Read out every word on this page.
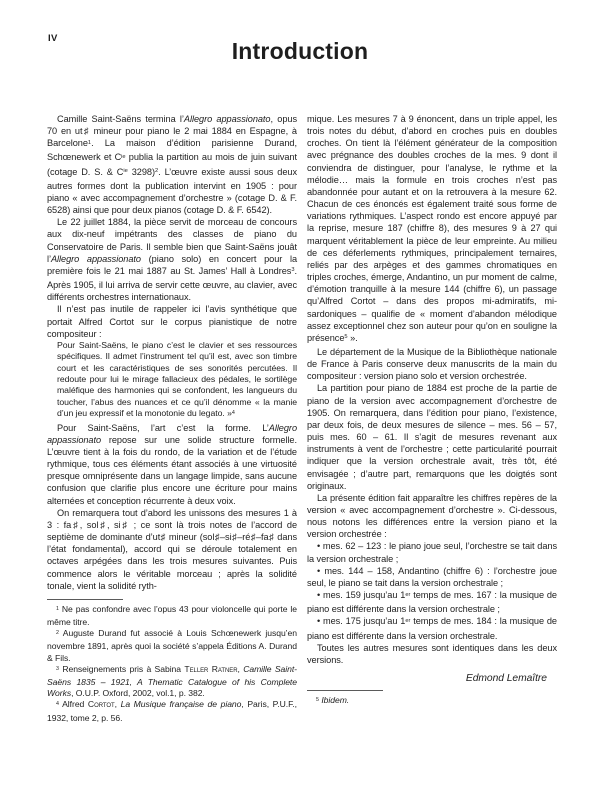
IV	Introduction

Camille Saint-Saëns termina l’Allegro appassionato, opus 70 en ut♯ mineur pour piano le 2 mai 1884 en Espagne, à Barcelone$^1$. La maison d’édition parisienne Durand, Schœnewerk et $C^{ie}$ publia la partition au mois de juin suivant (cotage D. S. & $C^{ie}$ 3298)$^2$. L’œuvre existe aussi sous deux autres formes dont la publication intervint en 1905 : pour piano « avec accompagnement d’orchestre » (cotage D. & F. 6528) ainsi que pour deux pianos (cotage D. & F. 6542).

Le 22 juillet 1884, la pièce servit de morceau de concours aux dix-neuf impétrants des classes de piano du Conservatoire de Paris. Il semble bien que Saint-Saëns jouât l’Allegro appassionato (piano solo) en concert pour la première fois le 21 mai 1887 au St. James’ Hall à Londres$^3$. Après 1905, il lui arriva de servir cette œuvre, au clavier, avec différents orchestres internationaux.

Il n’est pas inutile de rappeler ici l’avis synthétique que portait Alfred Cortot sur le corpus pianistique de notre compositeur :

Pour Saint-Saëns, le piano c’est le clavier et ses ressources spécifiques. Il admet l’instrument tel qu’il est, avec son timbre court et les caractéristiques de ses sonorités percutées. Il redoute pour lui le mirage fallacieux des pédales, le sortilège maléfique des harmonies qui se confondent, les langueurs du toucher, l’abus des nuances et ce qu’il dénomme « la manie d’un jeu expressif et la monotonie du legato. »$^4$

Pour Saint-Saëns, l’art c’est la forme. L’Allegro appassionato repose sur une solide structure formelle. L’œuvre tient à la fois du rondo, de la variation et de l’étude rythmique, tous ces éléments étant associés à une virtuosité presque omniprésente dans un langage limpide, sans aucune confusion que clarifie plus encore une écriture pour mains alternées et conception récurrente à deux voix.

On remarquera tout d’abord les unissons des mesures 1 à 3 : fa♯, sol♯, si♯ ; ce sont là trois notes de l’accord de septième de dominante d’ut♯ mineur (sol♯–si♯–ré♯–fa♯ dans l’état fondamental), accord qui se déroule totalement en octaves arpégées dans les trois mesures suivantes. Puis commence alors le véritable morceau ; après la solidité tonale, vient la solidité ryth-

$^1$ Ne pas confondre avec l’opus 43 pour violoncelle qui porte le même titre.

$^2$ Auguste Durand fut associé à Louis Schœnewerk jusqu’en novembre 1891, après quoi la société s’appela Éditions A. Durand & Fils.

$^3$ Renseignements pris à Sabina Teller Ratner, Camille Saint-Saëns 1835 – 1921, A Thematic Catalogue of his Complete Works, O.U.P. Oxford, 2002, vol.1, p. 382.

$^4$ Alfred Cortot, La Musique française de piano, Paris, P.U.F., 1932, tome 2, p. 56.

mique. Les mesures 7 à 9 énoncent, dans un triple appel, les trois notes du début, d’abord en croches puis en doubles croches. On tient là l’élément générateur de la composition avec prégnance des doubles croches de la mes. 9 dont il conviendra de distinguer, pour l’analyse, le rythme et la mélodie… mais la formule en trois croches n’est pas abandonnée pour autant et on la retrouvera à la mesure 62. Chacun de ces énoncés est également traité sous forme de variations rythmiques. L’aspect rondo est encore appuyé par la reprise, mesure 187 (chiffre 8), des mesures 9 à 27 qui marquent véritablement la pièce de leur empreinte. Au milieu de ces déferlements rythmiques, principalement ternaires, reliés par des arpèges et des gammes chromatiques en triples croches, émerge, Andantino, un pur moment de calme, d’émotion tranquille à la mesure 144 (chiffre 6), un passage qu’Alfred Cortot – dans des propos mi-admiratifs, mi-sardoniques – qualifie de « moment d’abandon mélodique assez exceptionnel chez son auteur pour qu’on en souligne la présence$^5$ ».

Le département de la Musique de la Bibliothèque nationale de France à Paris conserve deux manuscrits de la main du compositeur : version piano solo et version orchestrée.

La partition pour piano de 1884 est proche de la partie de piano de la version avec accompagnement d’orchestre de 1905. On remarquera, dans l’édition pour piano, l’existence, par deux fois, de deux mesures de silence – mes. 56 – 57, puis mes. 60 – 61. Il s’agit de mesures revenant aux instruments à vent de l’orchestre ; cette particularité pourrait indiquer que la version orchestrale avait, très tôt, été envisagée ; d’autre part, remarquons que les doigtés sont originaux.

La présente édition fait apparaître les chiffres repères de la version « avec accompagnement d’orchestre ». Ci-dessous, nous notons les différences entre la version piano et la version orchestrée :

• mes. 62 – 123 : le piano joue seul, l’orchestre se tait dans la version orchestrale ;

• mes. 144 – 158, Andantino (chiffre 6) : l’orchestre joue seul, le piano se tait dans la version orchestrale ;

• mes. 159 jusqu’au 1er temps de mes. 167 : la musique de piano est différente dans la version orchestrale ;

• mes. 175 jusqu’au 1er temps de mes. 184 : la musique de piano est différente dans la version orchestrale.

Toutes les autres mesures sont identiques dans les deux versions.

Edmond Lemaître

$^5$ Ibidem.
